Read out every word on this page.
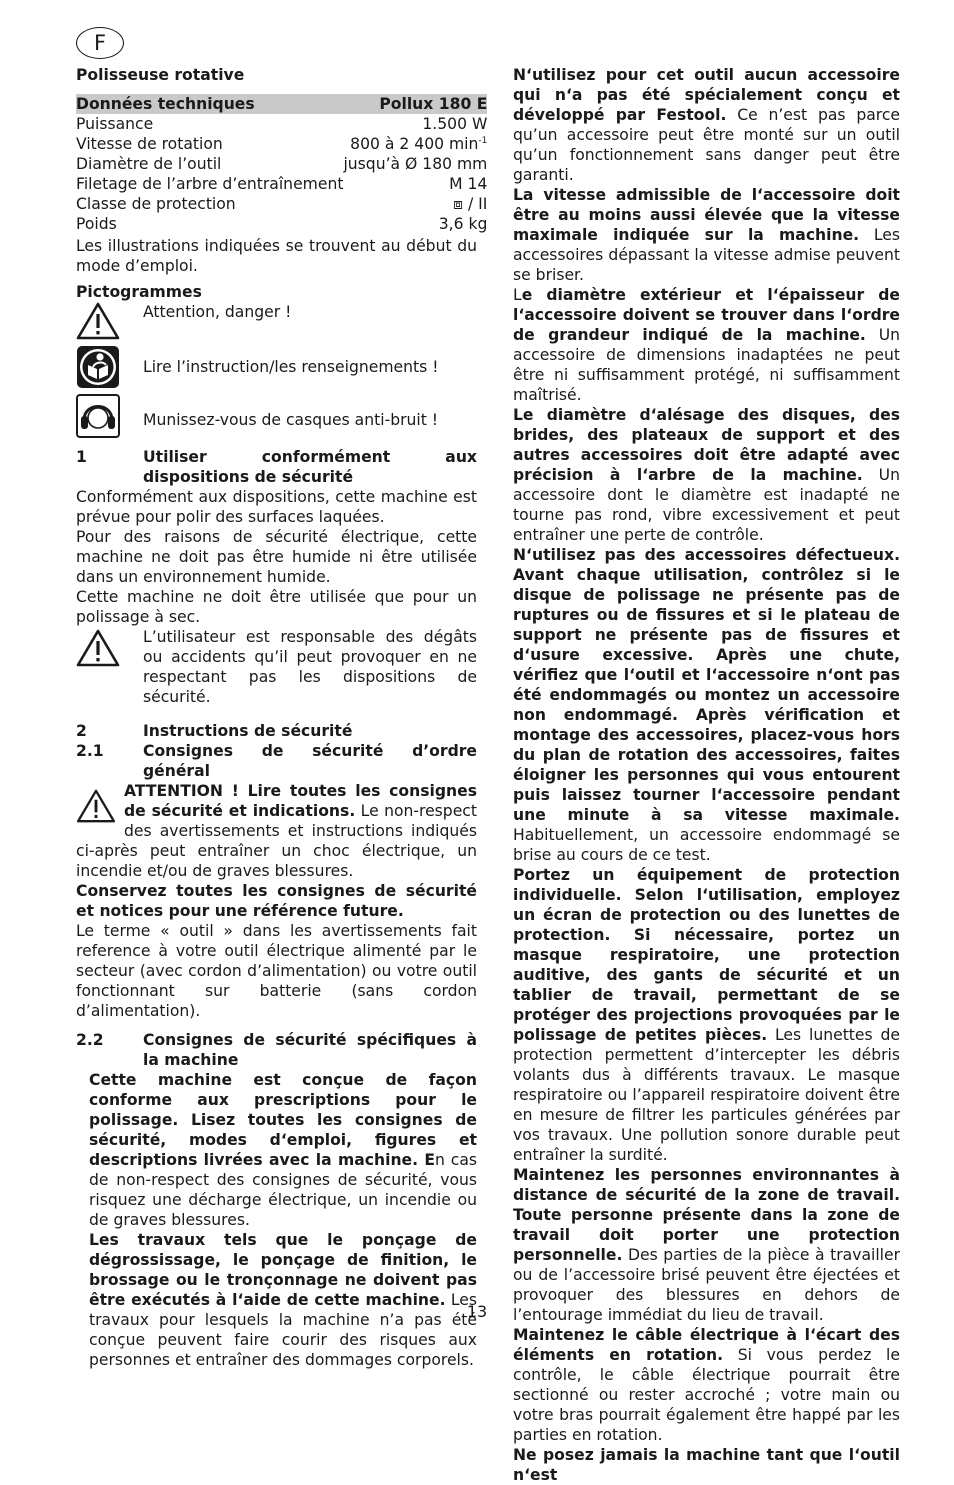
F

Polisseuse rotative

Données techniques	Pollux 180 E
Puissance	1.500 W
Vitesse de rotation	800 à 2 400 $\min^{-1}$
Diamètre de l’outil	jusqu’à Ø 180 mm
Filetage de l’arbre d’entraînement	M 14
Classe de protection	⧈ / II
Poids	3,6 kg

Les illustrations indiquées se trouvent au début du mode d’emploi.

Pictogrammes

Attention, danger !
Lire l’instruction/les renseignements !
Munissez-vous de casques anti-bruit !
1	Utiliser conformément aux dispositions de sécurité

Conformément aux dispositions, cette machine est prévue pour polir des surfaces laquées.

Pour des raisons de sécurité électrique, cette machine ne doit pas être humide ni être utilisée dans un environnement humide.

Cette machine ne doit être utilisée que pour un polissage à sec.

L’utilisateur est responsable des dégâts ou accidents qu’il peut provoquer en ne respectant pas les dispositions de sécurité.
2	Instructions de sécurité
2.1	Consignes de sécurité d’ordre général

ATTENTION ! Lire toutes les consignes de sécurité et indications. Le non-respect des avertissements et instructions indiqués ci-après peut entraîner un choc électrique, un incendie et/ou de graves blessures.

Conservez toutes les consignes de sécurité et notices pour une référence future.

Le terme « outil » dans les avertissements fait reference à votre outil électrique alimenté par le secteur (avec cordon d’alimentation) ou votre outil fonctionnant sur batterie (sans cordon d’alimentation).

2.2	Consignes de sécurité spécifiques à la machine

Cette machine est conçue de façon conforme aux prescriptions pour le polissage. Lisez toutes les consignes de sécurité, modes d‘emploi, figures et descriptions livrées avec la machine. En cas de non-respect des consignes de sécurité, vous risquez une décharge électrique, un incendie ou de graves blessures.

Les travaux tels que le ponçage de dégrossissage, le ponçage de finition, le brossage ou le tronçonnage ne doivent pas être exécutés à l‘aide de cette machine. Les travaux pour lesquels la machine n’a pas été conçue peuvent faire courir des risques aux personnes et entraîner des dommages corporels.

N‘utilisez pour cet outil aucun accessoire qui n‘a pas été spécialement conçu et développé par Festool. Ce n’est pas parce qu’un accessoire peut être monté sur un outil qu’un fonctionnement sans danger peut être garanti.

La vitesse admissible de l‘accessoire doit être au moins aussi élevée que la vitesse maximale indiquée sur la machine. Les accessoires dépassant la vitesse admise peuvent se briser.

Le diamètre extérieur et l‘épaisseur de l‘accessoire doivent se trouver dans l‘ordre de grandeur indiqué de la machine. Un accessoire de dimensions inadaptées ne peut être ni suffisamment protégé, ni suffisamment maîtrisé.

Le diamètre d‘alésage des disques, des brides, des plateaux de support et des autres accessoires doit être adapté avec précision à l‘arbre de la machine. Un accessoire dont le diamètre est inadapté ne tourne pas rond, vibre excessivement et peut entraîner une perte de contrôle.

N‘utilisez pas des accessoires défectueux. Avant chaque utilisation, contrôlez si le disque de polissage ne présente pas de ruptures ou de fissures et si le plateau de support ne présente pas de fissures et d‘usure excessive. Après une chute, vérifiez que l‘outil et l‘accessoire n‘ont pas été endommagés ou montez un accessoire non endommagé. Après vérification et montage des accessoires, placez-vous hors du plan de rotation des accessoires, faites éloigner les personnes qui vous entourent puis laissez tourner l‘accessoire pendant une minute à sa vitesse maximale. Habituellement, un accessoire endommagé se brise au cours de ce test.

Portez un équipement de protection individuelle. Selon l‘utilisation, employez un écran de protection ou des lunettes de protection. Si nécessaire, portez un masque respiratoire, une protection auditive, des gants de sécurité et un tablier de travail, permettant de se protéger des projections provoquées par le polissage de petites pièces. Les lunettes de protection permettent d’intercepter les débris volants dus à différents travaux. Le masque respiratoire ou l’appareil respiratoire doivent être en mesure de filtrer les particules générées par vos travaux. Une pollution sonore durable peut entraîner la surdité.

Maintenez les personnes environnantes à distance de sécurité de la zone de travail. Toute personne présente dans la zone de travail doit porter une protection personnelle. Des parties de la pièce à travailler ou de l’accessoire brisé peuvent être éjectées et provoquer des blessures en dehors de l’entourage immédiat du lieu de travail.

Maintenez le câble électrique à l‘écart des éléments en rotation. Si vous perdez le contrôle, le câble électrique pourrait être sectionné ou rester accroché ; votre main ou votre bras pourrait également être happé par les parties en rotation.

Ne posez jamais la machine tant que l‘outil n‘est

13
